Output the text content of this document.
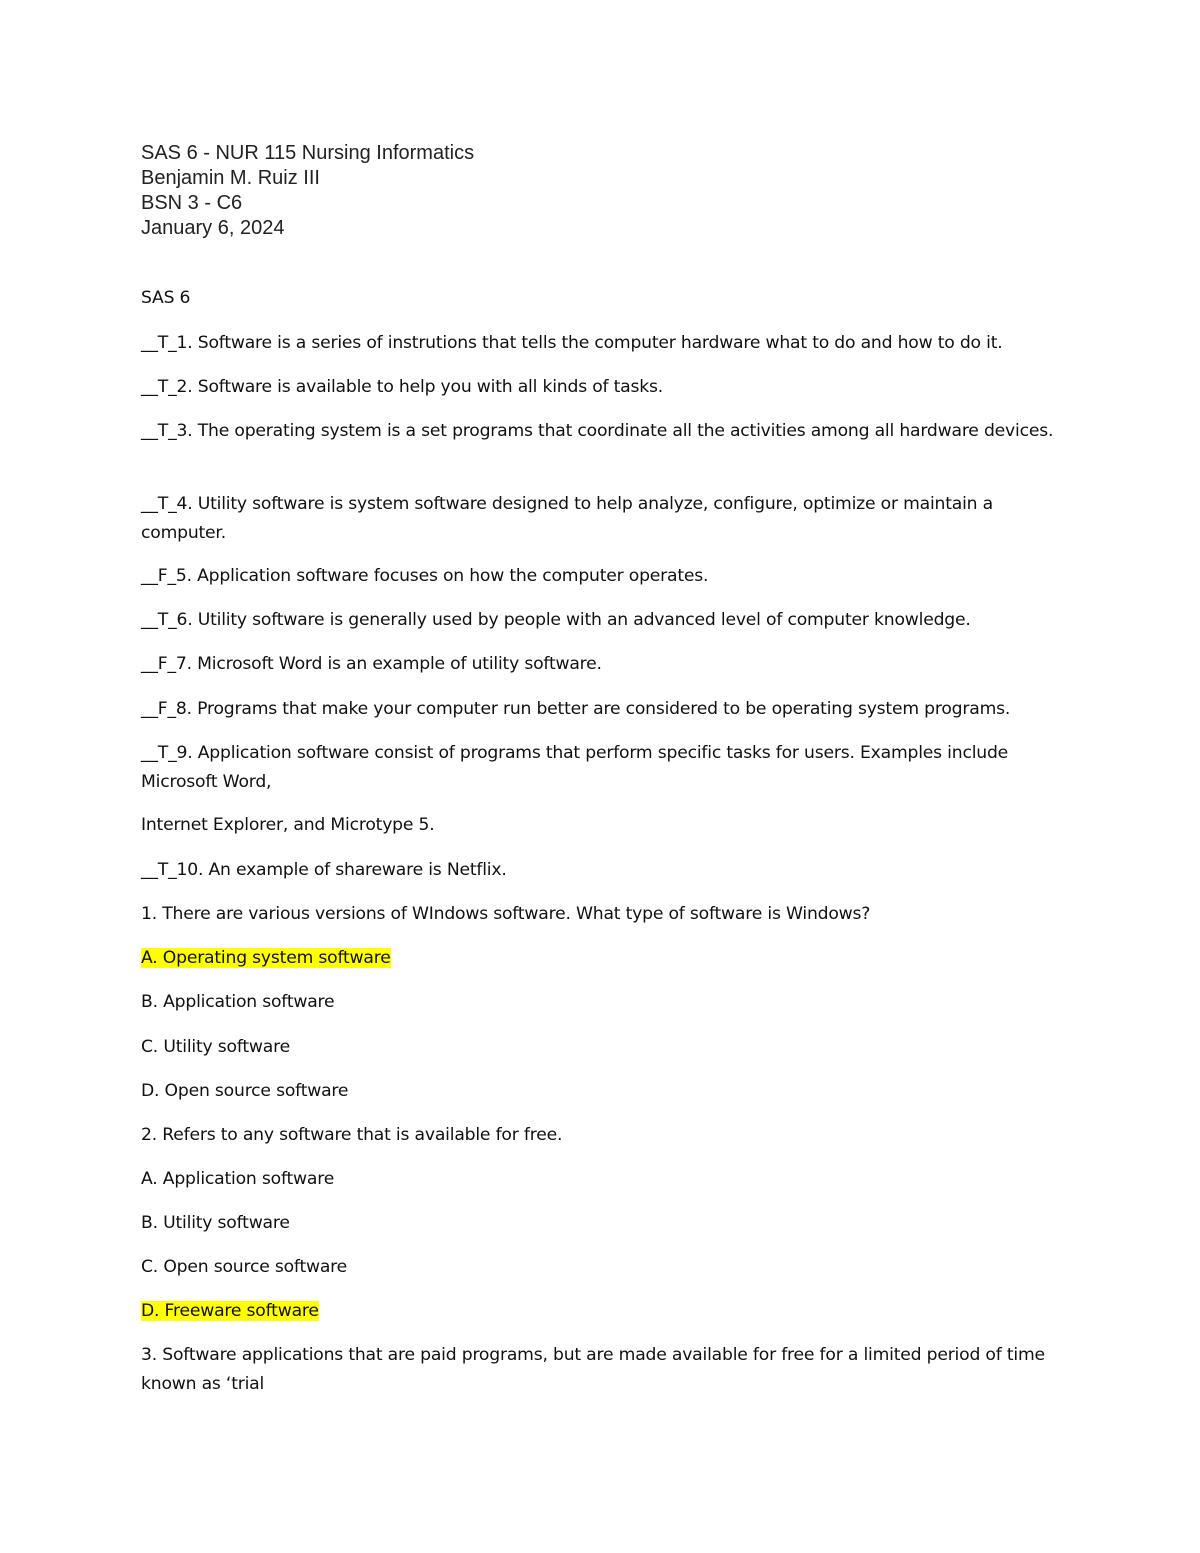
SAS 6 - NUR 115 Nursing Informatics
Benjamin M. Ruiz III
BSN 3 - C6
January 6, 2024
SAS 6
__T_1. Software is a series of instrutions that tells the computer hardware what to do and how to do it.
__T_2. Software is available to help you with all kinds of tasks.
__T_3. The operating system is a set programs that coordinate all the activities among all hardware devices.
__T_4. Utility software is system software designed to help analyze, configure, optimize or maintain a computer.
__F_5. Application software focuses on how the computer operates.
__T_6. Utility software is generally used by people with an advanced level of computer knowledge.
__F_7. Microsoft Word is an example of utility software.
__F_8. Programs that make your computer run better are considered to be operating system programs.
__T_9. Application software consist of programs that perform specific tasks for users. Examples include Microsoft Word,
Internet Explorer, and Microtype 5.
__T_10. An example of shareware is Netflix.
1. There are various versions of WIndows software. What type of software is Windows?
A. Operating system software
B. Application software
C. Utility software
D. Open source software
2. Refers to any software that is available for free.
A. Application software
B. Utility software
C. Open source software
D. Freeware software
3. Software applications that are paid programs, but are made available for free for a limited period of time known as ‘trial
